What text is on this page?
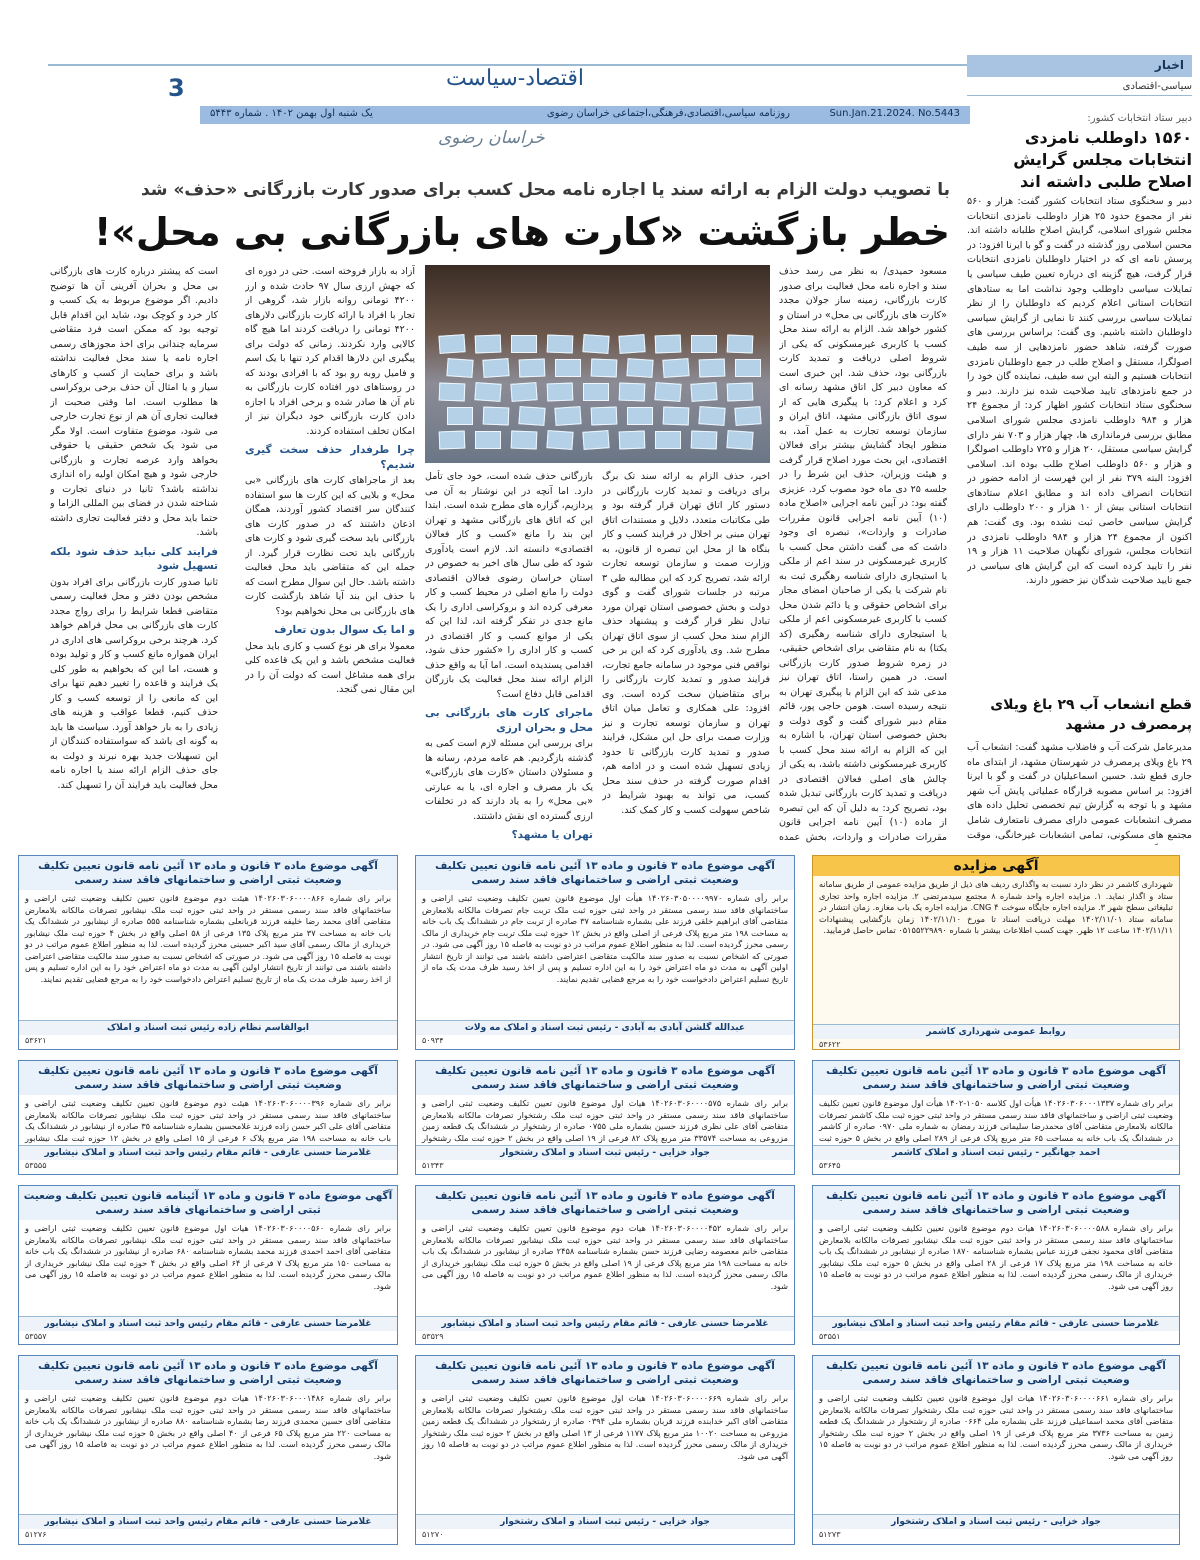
اقتصاد-سیاست
3
Sun.Jan.21.2024. No.5443
روزنامه سیاسی،اقتصادی،فرهنگی،اجتماعی خراسان رضوی
یک شنبه اول بهمن ۱۴۰۲ . شماره ۵۴۴۳
خراسان رضوی
با تصویب دولت الزام به ارائه سند یا اجاره نامه محل کسب برای صدور کارت بازرگانی «حذف» شد
خطر بازگشت «کارت های بازرگانی بی محل»!
اخبار
سیاسی-اقتصادی
دبیر ستاد انتخابات کشور:
۱۵۶۰ داوطلب نامزدی انتخابات مجلس گرایش اصلاح طلبی داشته اند
دبیر و سخنگوی ستاد انتخابات کشور گفت: هزار و ۵۶۰ نفر از مجموع حدود ۲۵ هزار داوطلب نامزدی انتخابات مجلس شورای اسلامی، گرایش اصلاح طلبانه داشته اند. محسن اسلامی روز گذشته در گفت و گو با ایرنا افزود: در پرسش نامه ای که در اختیار داوطلبان نامزدی انتخابات قرار گرفت، هیچ گزینه ای درباره تعیین طیف سیاسی یا تمایلات سیاسی داوطلب وجود نداشت اما به ستادهای انتخابات استانی اعلام کردیم که داوطلبان را از نظر تمایلات سیاسی بررسی کنند تا نمایی از گرایش سیاسی داوطلبان داشته باشیم. وی گفت: براساس بررسی های صورت گرفته، شاهد حضور نامزدهایی از سه طیف اصولگرا، مستقل و اصلاح طلب در جمع داوطلبان نامزدی انتخابات هستیم و البته این سه طیف، نماینده گان خود را در جمع نامزدهای تایید صلاحیت شده نیز دارند. دبیر و سخنگوی ستاد انتخابات کشور اظهار کرد: از مجموع ۲۴ هزار و ۹۸۴ داوطلب نامزدی مجلس شورای اسلامی مطابق بررسی فرمانداری ها، چهار هزار و ۷۰۳ نفر دارای گرایش سیاسی مستقل، ۲۰ هزار و ۷۲۵ داوطلب اصولگرا و هزار و ۵۶۰ داوطلب اصلاح طلب بوده اند. اسلامی افزود: البته ۳۷۹ نفر از این فهرست از ادامه حضور در انتخابات انصراف داده اند و مطابق اعلام ستادهای انتخابات استانی بیش از ۱۰ هزار و ۲۰۰ داوطلب دارای گرایش سیاسی خاصی ثبت نشده بود. وی گفت: هم اکنون از مجموع ۲۴ هزار و ۹۸۴ داوطلب نامزدی در انتخابات مجلس، شورای نگهبان صلاحیت ۱۱ هزار و ۱۹ نفر را تایید کرده است که این گرایش های سیاسی در جمع تایید صلاحیت شدگان نیز حضور دارند.
قطع انشعاب آب ۲۹ باغ ویلای پرمصرف در مشهد
مدیرعامل شرکت آب و فاضلاب مشهد گفت: انشعاب آب ۲۹ باغ ویلای پرمصرف در شهرستان مشهد، از ابتدای ماه جاری قطع شد. حسین اسماعیلیان در گفت و گو با ایرنا افزود: بر اساس مصوبه قرارگاه عملیاتی پایش آب شهر مشهد و با توجه به گزارش تیم تخصصی تحلیل داده های مصرف انشعابات عمومی دارای مصرف نامتعارف شامل مجتمع های مسکونی، تمامی انشعابات غیرخانگی، موقت
مسعود حمیدی/ به نظر می رسد حذف سند و اجاره نامه محل فعالیت برای صدور کارت بازرگانی، زمینه ساز جولان مجدد «کارت های بازرگانی بی محل» در استان و کشور خواهد شد. الزام به ارائه سند محل کسب یا کاربری غیرمسکونی که یکی از شروط اصلی دریافت و تمدید کارت بازرگانی بود، حذف شد. این خبری است که معاون دبیر کل اتاق مشهد رسانه ای کرد و اعلام کرد: با پیگیری هایی که از سوی اتاق بازرگانی مشهد، اتاق ایران و سازمان توسعه تجارت به عمل آمد، به منظور ایجاد گشایش بیشتر برای فعالان اقتصادی، این بحث مورد اصلاح قرار گرفت و هیئت وزیران، حذف این شرط را در جلسه ۲۵ دی ماه خود مصوب کرد. عزیزی گفته بود: در آیین نامه اجرایی «اصلاح ماده (۱۰) آیین نامه اجرایی قانون مقررات صادرات و واردات»، تبصره ای وجود داشت که می گفت داشتن محل کسب با کاربری غیرمسکونی در سند اعم از ملکی یا استیجاری دارای شناسه رهگیری ثبت به نام شرکت یا یکی از صاحبان امضای مجاز برای اشخاص حقوقی و یا دائم شدن محل کسب با کاربری غیرمسکونی اعم از ملکی یا استیجاری دارای شناسه رهگیری (کد یکتا) به نام متقاضی برای اشخاص حقیقی، در زمره شروط صدور کارت بازرگانی است. در همین راستا، اتاق تهران نیز مدعی شد که این الزام با پیگیری تهران به نتیجه رسیده است. هومن حاجی پور، قائم مقام دبیر شورای گفت و گوی دولت و بخش خصوصی استان تهران، با اشاره به این که الزام به ارائه سند محل کسب با کاربری غیرمسکونی داشته باشد، به یکی از چالش های اصلی فعالان اقتصادی در دریافت و تمدید کارت بازرگانی تبدیل شده بود، تصریح کرد: به دلیل آن که این تبصره از ماده (۱۰) آیین نامه اجرایی قانون مقررات صادرات و واردات، بخش عمده
اخیر، حذف الزام به ارائه سند تک برگ برای دریافت و تمدید کارت بازرگانی در دستور کار اتاق تهران قرار گرفته بود و طی مکاتبات متعدد، دلایل و مستندات اتاق تهران مبنی بر اخلال در فرایند کسب و کار بنگاه ها از محل این تبصره از قانون، به وزارت صمت و سازمان توسعه تجارت ارائه شد، تصریح کرد که این مطالبه طی ۳ مرتبه در جلسات شورای گفت و گوی دولت و بخش خصوصی استان تهران مورد تبادل نظر قرار گرفت و پیشنهاد حذف الزام سند محل کسب از سوی اتاق تهران مطرح شد. وی یادآوری کرد که این بر خی نواقص فنی موجود در سامانه جامع تجارت، فرایند صدور و تمدید کارت بازرگانی را برای متقاضیان سخت کرده است. وی افزود: علی همکاری و تعامل میان اتاق تهران و سازمان توسعه تجارت و نیز وزارت صمت برای حل این مشکل، فرایند صدور و تمدید کارت بازرگانی تا حدود زیادی تسهیل شده است و در ادامه هم، اقدام صورت گرفته در حذف سند محل کسب، می تواند به بهبود شرایط در شاخص سهولت کسب و کار کمک کند.
بازرگانی حذف شده است، خود جای تأمل دارد. اما آنچه در این نوشتار به آن می پردازیم، گزاره های مطرح شده است. ابتدا این که اتاق های بازرگانی مشهد و تهران این بند را مانع «کسب و کار فعالان اقتصادی» دانسته اند. لازم است یادآوری شود که طی سال های اخیر به خصوص در استان خراسان رضوی فعالان اقتصادی دولت را مانع اصلی در محیط کسب و کار معرفی کرده اند و بروکراسی اداری را یک مانع جدی در تفکر گرفته اند، لذا این که یکی از موانع کسب و کار اقتصادی در کسب و کار اداری را «کشور حذف شود، اقدامی پسندیده است. اما آیا به واقع حذف الزام ارائه سند محل فعالیت یک بازرگان اقدامی قابل دفاع است؟
ماجرای کارت های بازرگانی بی محل و بحران ارزی
برای بررسی این مسئله لازم است کمی به گذشته بازگردیم. هم عامه مردم، رسانه ها و مسئولان داستان «کارت های بازرگانی» یک بار مصرف و اجاره ای، یا به عبارتی «بی محل» را به یاد دارند که در تخلفات ارزی گسترده ای نقش داشتند.
تهران یا مشهد؟
آزاد به بازار فروخته است. حتی در دوره ای که جهش ارزی سال ۹۷ حادث شده و ارز ۴۲۰۰ تومانی روانه بازار شد، گروهی از تجار با افراد با ارائه کارت بازرگانی دلارهای ۴۲۰۰ تومانی را دریافت کردند اما هیچ گاه کالایی وارد نکردند. زمانی که دولت برای پیگیری این دلارها اقدام کرد تنها با یک اسم و فامیل روبه رو بود که با افرادی بودند که در روستاهای دور افتاده کارت بازرگانی به نام آن ها صادر شده و برخی افراد با اجازه دادن کارت بازرگانی خود دیگران نیز از امکان تخلف استفاده کردند.
چرا طرفدار حذف سخت گیری شدیم؟
بعد از ماجراهای کارت های بازرگانی «بی محل» و بلایی که این کارت ها سو استفاده کنندگان سر اقتصاد کشور آوردند، همگان اذعان داشتند که در صدور کارت های بازرگانی باید سخت گیری شود و کارت های بازرگانی باید تحت نظارت قرار گیرد. از جمله این که متقاضی باید محل فعالیت داشته باشد. حال این سوال مطرح است که با حذف این بند آیا شاهد بازگشت کارت های بازرگانی بی محل نخواهیم بود؟
و اما یک سوال بدون تعارف
معمولا برای هر نوع کسب و کاری باید محل فعالیت مشخص باشد و این یک قاعده کلی برای همه مشاغل است که دولت آن را در این مقال نمی گنجد.
است که پیشتر درباره کارت های بازرگانی بی محل و بحران آفرینی آن ها توضیح دادیم. اگر موضوع مربوط به یک کسب و کار خرد و کوچک بود، شاید این اقدام قابل توجیه بود که ممکن است فرد متقاضی سرمایه چندانی برای اخذ مجوزهای رسمی اجاره نامه یا سند محل فعالیت نداشته باشد و برای حمایت از کسب و کارهای سیار و یا امثال آن حذف برخی بروکراسی ها مطلوب است. اما وقتی صحبت از فعالیت تجاری آن هم از نوع تجارت خارجی می شود، موضوع متفاوت است. اولا مگر می شود یک شخص حقیقی یا حقوقی بخواهد وارد عرصه تجارت و بازرگانی خارجی شود و هیچ امکان اولیه راه اندازی نداشته باشد؟ ثانیا در دنیای تجارت و شناخته شدن در فضای بین المللی الزاما و حتما باید محل و دفتر فعالیت تجاری داشته باشد.
فرایند کلی نباید حذف شود بلکه تسهیل شود
ثانیا صدور کارت بازرگانی برای افراد بدون مشخص بودن دفتر و محل فعالیت رسمی متقاضی قطعا شرایط را برای رواج مجدد کارت های بازرگانی بی محل فراهم خواهد کرد. هرچند برخی بروکراسی های اداری در ایران همواره مانع کسب و کار و تولید بوده و هست، اما این که بخواهیم به طور کلی یک فرایند و قاعده را تغییر دهیم تنها برای این که مانعی را از توسعه کسب و کار حذف کنیم، قطعا عواقب و هزینه های زیادی را به بار خواهد آورد. سیاست ها باید به گونه ای باشد که سواستفاده کنندگان از این تسهیلات جدید بهره نبرند و دولت به جای حذف الزام ارائه سند یا اجاره نامه محل فعالیت باید فرایند آن را تسهیل کند.
آگهی مزایده
شهرداری کاشمر در نظر دارد نسبت به واگذاری ردیف های ذیل از طریق مزایده عمومی از طریق سامانه ستاد و اگذار نماید. ۱. مزایده اجاره واحد شماره ۸ مجتمع سیدمرتضی ۲. مزایده اجاره واحد تجاری تبلیغاتی سطح شهر ۳. مزایده اجاره جایگاه سوخت CNG ۴. مزایده اجاره یک باب مغازه. زمان انتشار در سامانه ستاد ۱۴۰۲/۱۱/۰۱ مهلت دریافت اسناد تا مورخ ۱۴۰۲/۱۱/۱۰ زمان بازگشایی پیشنهادات ۱۴۰۲/۱۱/۱۱ ساعت ۱۲ ظهر. جهت کسب اطلاعات بیشتر با شماره ۰۵۱۵۵۲۲۹۸۹۰ تماس حاصل فرمایید.
روابط عمومی شهرداری کاشمر
۵۳۶۲۲
آگهی موضوع ماده ۳ قانون و ماده ۱۳ آئین نامه قانون تعیین تکلیف وضعیت ثبتی اراضی و ساختمانهای فاقد سند رسمی
برابر رأی شماره ۱۴۰۲۶۰۳۰۵۰۰۰۰۹۹۷۰ هیأت اول موضوع قانون تعیین تکلیف وضعیت ثبتی اراضی و ساختمانهای فاقد سند رسمی مستقر در واحد ثبتی حوزه ثبت ملک تربت جام تصرفات مالکانه بلامعارض متقاضی آقای ابراهیم خلقی فرزند علی بشماره شناسنامه ۳۷ صادره از تربت جام در ششدانگ یک باب خانه به مساحت ۱۹۸ متر مربع پلاک فرعی از اصلی واقع در بخش ۱۲ حوزه ثبت ملک تربت جام خریداری از مالک رسمی محرز گردیده است. لذا به منظور اطلاع عموم مراتب در دو نوبت به فاصله ۱۵ روز آگهی می شود. در صورتی که اشخاص نسبت به صدور سند مالکیت متقاضی اعتراضی داشته باشند می توانند از تاریخ انتشار اولین آگهی به مدت دو ماه اعتراض خود را به این اداره تسلیم و پس از اخذ رسید ظرف مدت یک ماه از تاریخ تسلیم اعتراض دادخواست خود را به مرجع قضایی تقدیم نمایند.
عبدالله گلشن آبادی به آبادی - رئیس ثبت اسناد و املاک مه ولات
۵۰۹۳۴
آگهی موضوع ماده ۳ قانون و ماده ۱۳ آئین نامه قانون تعیین تکلیف وضعیت ثبتی اراضی و ساختمانهای فاقد سند رسمی
برابر رای شماره ۱۴۰۲۶۰۳۰۶۰۰۰۰۸۶۶ هیئت دوم موضوع قانون تعیین تکلیف وضعیت ثبتی اراضی و ساختمانهای فاقد سند رسمی مستقر در واحد ثبتی حوزه ثبت ملک نیشابور تصرفات مالکانه بلامعارض متقاضی آقای محمد رضا خلیفه فرزند قربانعلی بشماره شناسنامه ۵۵۵ صادره از نیشابور در ششدانگ یک باب خانه به مساحت ۳۷ متر مربع پلاک ۱۳۵ فرعی از ۵۸ اصلی واقع در بخش ۴ حوزه ثبت ملک نیشابور خریداری از مالک رسمی آقای سید اکبر حسینی محرز گردیده است. لذا به منظور اطلاع عموم مراتب در دو نوبت به فاصله ۱۵ روز آگهی می شود. در صورتی که اشخاص نسبت به صدور سند مالکیت متقاضی اعتراضی داشته باشند می توانند از تاریخ انتشار اولین آگهی به مدت دو ماه اعتراض خود را به این اداره تسلیم و پس از اخذ رسید ظرف مدت یک ماه از تاریخ تسلیم اعتراض دادخواست خود را به مرجع قضایی تقدیم نمایند.
ابوالقاسم نظام زاده رئیس ثبت اسناد و املاک
۵۳۶۲۱
آگهی موضوع ماده ۳ قانون و ماده ۱۳ آئین نامه قانون تعیین تکلیف وضعیت ثبتی اراضی و ساختمانهای فاقد سند رسمی
برابر رای شماره ۱۴۰۲۶۰۳۰۶۰۰۰۱۳۳۷ هیأت اول کلاسه ۱۰۵۰-۱۴۰۲ هیأت اول موضوع قانون تعیین تکلیف وضعیت ثبتی اراضی و ساختمانهای فاقد سند رسمی مستقر در واحد ثبتی حوزه ثبت ملک کاشمر تصرفات مالکانه بلامعارض متقاضی آقای محمدرضا سلیمانی فرزند رمضان به شماره ملی ۰۹۷۰ صادره از کاشمر در ششدانگ یک باب خانه به مساحت ۶۵ متر مربع پلاک فرعی از ۲۸۹ اصلی واقع در بخش ۵ حوزه ثبت
احمد جهانگیر - رئیس ثبت اسناد و املاک کاشمر
۵۳۶۴۵
آگهی موضوع ماده ۳ قانون و ماده ۱۳ آئین نامه قانون تعیین تکلیف وضعیت ثبتی اراضی و ساختمانهای فاقد سند رسمی
برابر رای شماره ۱۴۰۲۶۰۳۰۶۰۰۰۰۵۷۵ هیات اول موضوع قانون تعیین تکلیف وضعیت ثبتی اراضی و ساختمانهای فاقد سند رسمی مستقر در واحد ثبتی حوزه ثبت ملک رشتخوار تصرفات مالکانه بلامعارض متقاضی آقای علی نظری فرزند حسین بشماره ملی ۰۷۵۵ صادره از رشتخوار در ششدانگ یک قطعه زمین مزروعی به مساحت ۳۳۵۷۴ متر مربع پلاک ۸۲ فرعی از ۱۹ اصلی واقع در بخش ۲ حوزه ثبت ملک رشتخوار
جواد خزایی - رئیس ثبت اسناد و املاک رشتخوار
۵۱۳۴۳
آگهی موضوع ماده ۳ قانون و ماده ۱۳ آئین نامه قانون تعیین تکلیف وضعیت ثبتی اراضی و ساختمانهای فاقد سند رسمی
برابر رای شماره ۱۴۰۲۶۰۳۰۶۰۰۰۰۳۹۶ هیئت دوم موضوع قانون تعیین تکلیف وضعیت ثبتی اراضی و ساختمانهای فاقد سند رسمی مستقر در واحد ثبتی حوزه ثبت ملک نیشابور تصرفات مالکانه بلامعارض متقاضی آقای علی اکبر حسن زاده فرزند غلامحسین بشماره شناسنامه ۳۵ صادره از نیشابور در ششدانگ یک باب خانه به مساحت ۱۹۸ متر مربع پلاک ۶ فرعی از ۱۵ اصلی واقع در بخش ۱۲ حوزه ثبت ملک نیشابور
غلامرضا حسنی عارفی - قائم مقام رئیس واحد ثبت اسناد و املاک نیشابور
۵۳۵۵۵
آگهی موضوع ماده ۳ قانون و ماده ۱۳ آئین نامه قانون تعیین تکلیف وضعیت ثبتی اراضی و ساختمانهای فاقد سند رسمی
برابر رای شماره ۱۴۰۲۶۰۳۰۶۰۰۰۰۵۸۸ هیات دوم موضوع قانون تعیین تکلیف وضعیت ثبتی اراضی و ساختمانهای فاقد سند رسمی مستقر در واحد ثبتی حوزه ثبت ملک نیشابور تصرفات مالکانه بلامعارض متقاضی آقای محمود نجفی فرزند عباس بشماره شناسنامه ۱۸۷۰ صادره از نیشابور در ششدانگ یک باب خانه به مساحت ۱۹۸ متر مربع پلاک ۱۷ فرعی از ۲۸ اصلی واقع در بخش ۵ حوزه ثبت ملک نیشابور خریداری از مالک رسمی محرز گردیده است. لذا به منظور اطلاع عموم مراتب در دو نوبت به فاصله ۱۵ روز آگهی می شود.
غلامرضا حسنی عارفی - قائم مقام رئیس واحد ثبت اسناد و املاک نیشابور
۵۳۵۵۱
آگهی موضوع ماده ۳ قانون و ماده ۱۳ آئین نامه قانون تعیین تکلیف وضعیت ثبتی اراضی و ساختمانهای فاقد سند رسمی
برابر رای شماره ۱۴۰۲۶۰۳۰۶۰۰۰۰۴۵۲ هیات دوم موضوع قانون تعیین تکلیف وضعیت ثبتی اراضی و ساختمانهای فاقد سند رسمی مستقر در واحد ثبتی حوزه ثبت ملک نیشابور تصرفات مالکانه بلامعارض متقاضی خانم معصومه رضایی فرزند حسن بشماره شناسنامه ۲۴۵۸ صادره از نیشابور در ششدانگ یک باب خانه به مساحت ۱۹۸ متر مربع پلاک فرعی از ۱۹ اصلی واقع در بخش ۵ حوزه ثبت ملک نیشابور خریداری از مالک رسمی محرز گردیده است. لذا به منظور اطلاع عموم مراتب در دو نوبت به فاصله ۱۵ روز آگهی می شود.
غلامرضا حسنی عارفی - قائم مقام رئیس واحد ثبت اسناد و املاک نیشابور
۵۳۵۲۹
آگهی موضوع ماده ۳ قانون و ماده ۱۳ آئینامه قانون تعیین تکلیف وضعیت ثبتی اراضی و ساختمانهای فاقد سند رسمی
برابر رای شماره ۱۴۰۲۶۰۳۰۶۰۰۰۰۵۶۰ هیات اول موضوع قانون تعیین تکلیف وضعیت ثبتی اراضی و ساختمانهای فاقد سند رسمی مستقر در واحد ثبتی حوزه ثبت ملک نیشابور تصرفات مالکانه بلامعارض متقاضی آقای احمد احمدی فرزند محمد بشماره شناسنامه ۶۸۰ صادره از نیشابور در ششدانگ یک باب خانه به مساحت ۱۵۰ متر مربع پلاک ۷ فرعی از ۶۴ اصلی واقع در بخش ۴ حوزه ثبت ملک نیشابور خریداری از مالک رسمی محرز گردیده است. لذا به منظور اطلاع عموم مراتب در دو نوبت به فاصله ۱۵ روز آگهی می شود.
غلامرضا حسنی عارفی - قائم مقام رئیس واحد ثبت اسناد و املاک نیشابور
۵۳۵۵۷
آگهی موضوع ماده ۳ قانون و ماده ۱۳ آئین نامه قانون تعیین تکلیف وضعیت ثبتی اراضی و ساختمانهای فاقد سند رسمی
برابر رای شماره ۱۴۰۲۶۰۳۰۶۰۰۰۰۶۶۱ هیات اول موضوع قانون تعیین تکلیف وضعیت ثبتی اراضی و ساختمانهای فاقد سند رسمی مستقر در واحد ثبتی حوزه ثبت ملک رشتخوار تصرفات مالکانه بلامعارض متقاضی آقای محمد اسماعیلی فرزند علی بشماره ملی ۰۶۶۴ صادره از رشتخوار در ششدانگ یک قطعه زمین به مساحت ۳۷۳۶ متر مربع پلاک فرعی از ۱۹ اصلی واقع در بخش ۲ حوزه ثبت ملک رشتخوار خریداری از مالک رسمی محرز گردیده است. لذا به منظور اطلاع عموم مراتب در دو نوبت به فاصله ۱۵ روز آگهی می شود.
جواد خزایی - رئیس ثبت اسناد و املاک رشتخوار
۵۱۲۷۳
آگهی موضوع ماده ۳ قانون و ماده ۱۳ آئین نامه قانون تعیین تکلیف وضعیت ثبتی اراضی و ساختمانهای فاقد سند رسمی
برابر رای شماره ۱۴۰۲۶۰۳۰۶۰۰۰۰۶۶۹ هیات اول موضوع قانون تعیین تکلیف وضعیت ثبتی اراضی و ساختمانهای فاقد سند رسمی مستقر در واحد ثبتی حوزه ثبت ملک رشتخوار تصرفات مالکانه بلامعارض متقاضی آقای اکبر خدابنده فرزند قربان بشماره ملی ۰۳۹۴ صادره از رشتخوار در ششدانگ یک قطعه زمین مزروعی به مساحت ۱۰۰۲۰ متر مربع پلاک ۱۱۷۷ فرعی از ۱۳ اصلی واقع در بخش ۲ حوزه ثبت ملک رشتخوار خریداری از مالک رسمی محرز گردیده است. لذا به منظور اطلاع عموم مراتب در دو نوبت به فاصله ۱۵ روز آگهی می شود.
جواد خزایی - رئیس ثبت اسناد و املاک رشتخوار
۵۱۲۷۰
آگهی موضوع ماده ۳ قانون و ماده ۱۳ آئین نامه قانون تعیین تکلیف وضعیت ثبتی اراضی و ساختمانهای فاقد سند رسمی
برابر رای شماره ۱۴۰۲۶۰۳۰۶۰۰۰۱۴۸۶ هیات دوم موضوع قانون تعیین تکلیف وضعیت ثبتی اراضی و ساختمانهای فاقد سند رسمی مستقر در واحد ثبتی حوزه ثبت ملک نیشابور تصرفات مالکانه بلامعارض متقاضی آقای حسین محمدی فرزند رضا بشماره شناسنامه ۸۸۰ صادره از نیشابور در ششدانگ یک باب خانه به مساحت ۲۲۰ متر مربع پلاک ۶۵ فرعی از ۴۰ اصلی واقع در بخش ۵ حوزه ثبت ملک نیشابور خریداری از مالک رسمی محرز گردیده است. لذا به منظور اطلاع عموم مراتب در دو نوبت به فاصله ۱۵ روز آگهی می شود.
غلامرضا حسنی عارفی - قائم مقام رئیس واحد ثبت اسناد و املاک نیشابور
۵۱۲۷۶
